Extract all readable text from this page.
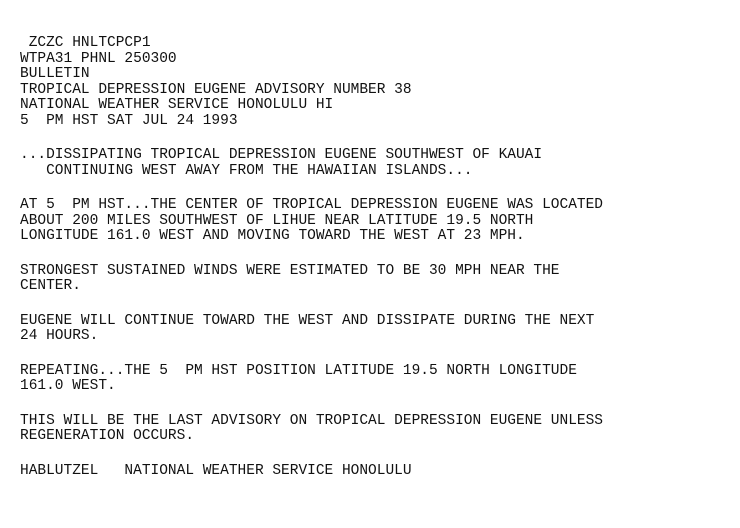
ZCZC HNLTCPCP1
WTPA31 PHNL 250300
BULLETIN
TROPICAL DEPRESSION EUGENE ADVISORY NUMBER 38
NATIONAL WEATHER SERVICE HONOLULU HI
5  PM HST SAT JUL 24 1993
...DISSIPATING TROPICAL DEPRESSION EUGENE SOUTHWEST OF KAUAI
CONTINUING WEST AWAY FROM THE HAWAIIAN ISLANDS...
AT 5  PM HST...THE CENTER OF TROPICAL DEPRESSION EUGENE WAS LOCATED
ABOUT 200 MILES SOUTHWEST OF LIHUE NEAR LATITUDE 19.5 NORTH
LONGITUDE 161.0 WEST AND MOVING TOWARD THE WEST AT 23 MPH.
STRONGEST SUSTAINED WINDS WERE ESTIMATED TO BE 30 MPH NEAR THE
CENTER.
EUGENE WILL CONTINUE TOWARD THE WEST AND DISSIPATE DURING THE NEXT
24 HOURS.
REPEATING...THE 5  PM HST POSITION LATITUDE 19.5 NORTH LONGITUDE
161.0 WEST.
THIS WILL BE THE LAST ADVISORY ON TROPICAL DEPRESSION EUGENE UNLESS
REGENERATION OCCURS.
HABLUTZEL   NATIONAL WEATHER SERVICE HONOLULU
